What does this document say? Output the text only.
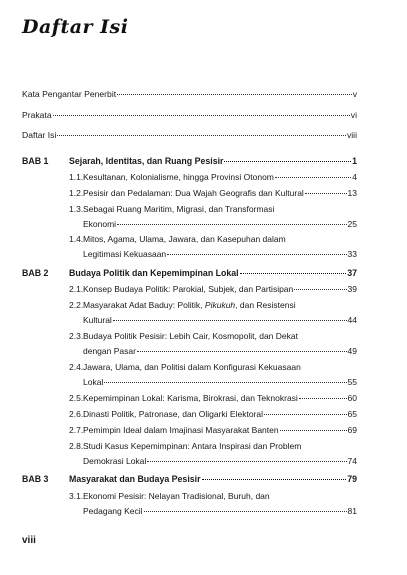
Daftar Isi
Kata Pengantar Penerbit	v
Prakata	vi
Daftar Isi	viii
BAB 1	Sejarah, Identitas, dan Ruang Pesisir	1
1.1. Kesultanan, Kolonialisme, hingga Provinsi Otonom	4
1.2. Pesisir dan Pedalaman: Dua Wajah Geografis dan Kultural	13
1.3. Sebagai Ruang Maritim, Migrasi, dan Transformasi
Ekonomi	25
1.4. Mitos, Agama, Ulama, Jawara, dan Kasepuhan dalam
Legitimasi Kekuasaan	33
BAB 2	Budaya Politik dan Kepemimpinan Lokal	37
2.1. Konsep Budaya Politik: Parokial, Subjek, dan Partisipan	39
2.2. Masyarakat Adat Baduy: Politik, Pikukuh, dan Resistensi
Kultural	44
2.3. Budaya Politik Pesisir: Lebih Cair, Kosmopolit, dan Dekat
dengan Pasar	49
2.4. Jawara, Ulama, dan Politisi dalam Konfigurasi Kekuasaan
Lokal	55
2.5. Kepemimpinan Lokal: Karisma, Birokrasi, dan Teknokrasi	60
2.6. Dinasti Politik, Patronase, dan Oligarki Elektoral	65
2.7. Pemimpin Ideal dalam Imajinasi Masyarakat Banten	69
2.8. Studi Kasus Kepemimpinan: Antara Inspirasi dan Problem
Demokrasi Lokal	74
BAB 3	Masyarakat dan Budaya Pesisir	79
3.1. Ekonomi Pesisir: Nelayan Tradisional, Buruh, dan
Pedagang Kecil	81
viii
